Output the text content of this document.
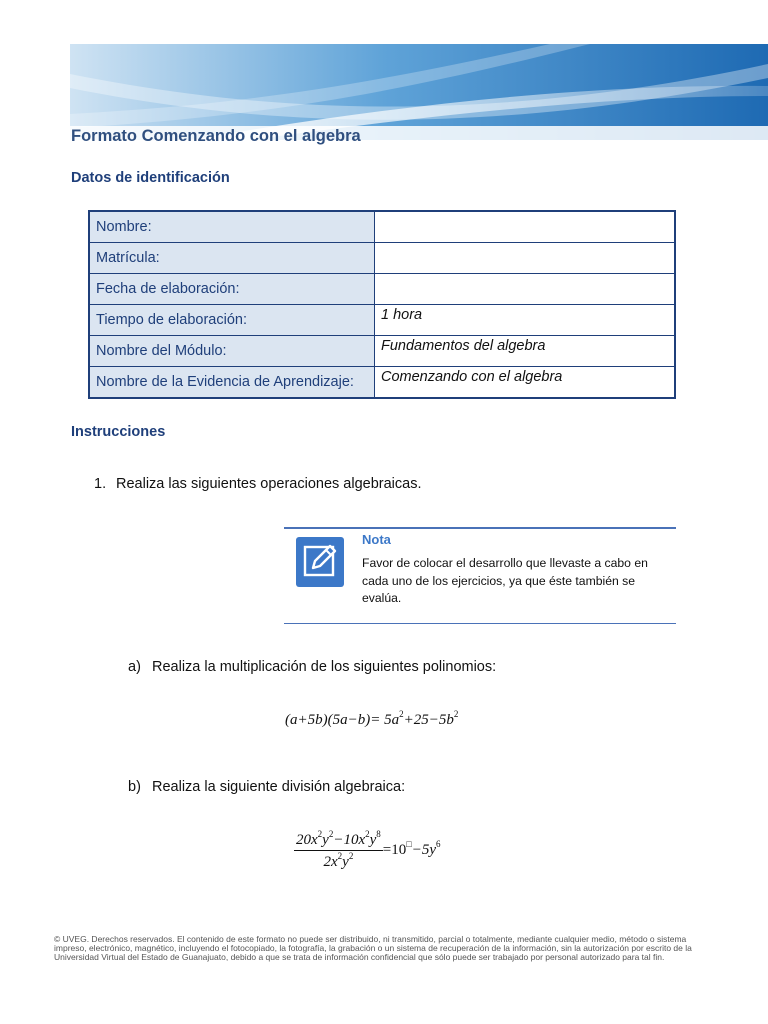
Formato Comenzando con el algebra
Datos de identificación
Nombre:	
Matrícula:	
Fecha de elaboración:	
Tiempo de elaboración:	1 hora
Nombre del Módulo:	Fundamentos del algebra
Nombre de la Evidencia de Aprendizaje:	Comenzando con el algebra
Instrucciones
1. Realiza las siguientes operaciones algebraicas.
Nota
Favor de colocar el desarrollo que llevaste a cabo en cada uno de los ejercicios, ya que éste también se evalúa.
a) Realiza la multiplicación de los siguientes polinomios:
$(a+5b)(5a-b)= 5a^2+25-5b^2$
b) Realiza la siguiente división algebraica:
$\frac{20x^2y^2-10x^2y^8}{2x^2y^2} =10^□-5y^6$
© UVEG. Derechos reservados. El contenido de este formato no puede ser distribuido, ni transmitido, parcial o totalmente, mediante cualquier medio, método o sistema impreso, electrónico, magnético, incluyendo el fotocopiado, la fotografía, la grabación o un sistema de recuperación de la información, sin la autorización por escrito de la Universidad Virtual del Estado de Guanajuato, debido a que se trata de información confidencial que sólo puede ser trabajado por personal autorizado para tal fin.
